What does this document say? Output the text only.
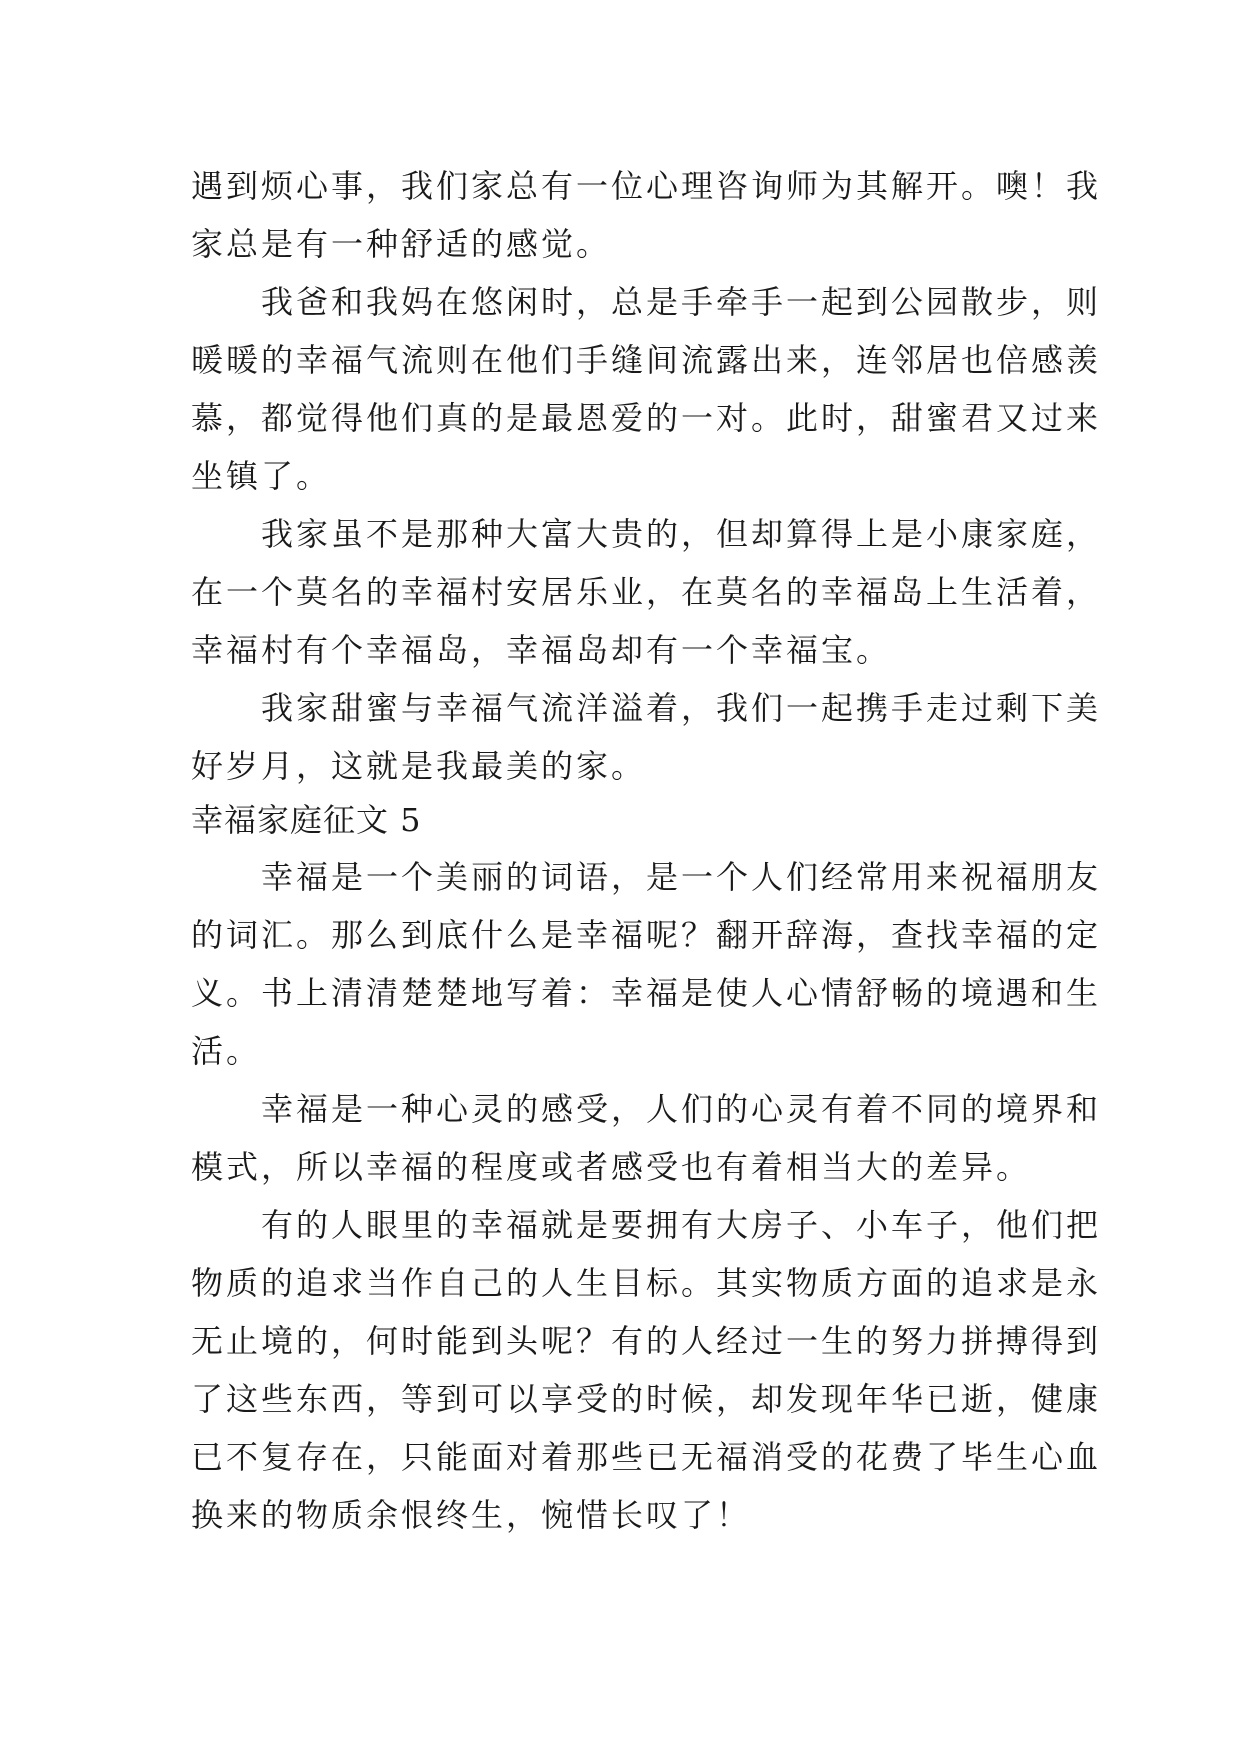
遇到烦心事，我们家总有一位心理咨询师为其解开。噢！我
家总是有一种舒适的感觉。
　　我爸和我妈在悠闲时，总是手牵手一起到公园散步，则
暖暖的幸福气流则在他们手缝间流露出来，连邻居也倍感羡
慕，都觉得他们真的是最恩爱的一对。此时，甜蜜君又过来
坐镇了。
　　我家虽不是那种大富大贵的，但却算得上是小康家庭，
在一个莫名的幸福村安居乐业，在莫名的幸福岛上生活着，
幸福村有个幸福岛，幸福岛却有一个幸福宝。
　　我家甜蜜与幸福气流洋溢着，我们一起携手走过剩下美
好岁月，这就是我最美的家。
幸福家庭征文 5
　　幸福是一个美丽的词语，是一个人们经常用来祝福朋友
的词汇。那么到底什么是幸福呢？翻开辞海，查找幸福的定
义。书上清清楚楚地写着：幸福是使人心情舒畅的境遇和生
活。
　　幸福是一种心灵的感受，人们的心灵有着不同的境界和
模式，所以幸福的程度或者感受也有着相当大的差异。
　　有的人眼里的幸福就是要拥有大房子、小车子，他们把
物质的追求当作自己的人生目标。其实物质方面的追求是永
无止境的，何时能到头呢？有的人经过一生的努力拼搏得到
了这些东西，等到可以享受的时候，却发现年华已逝，健康
已不复存在，只能面对着那些已无福消受的花费了毕生心血
换来的物质余恨终生，惋惜长叹了！
